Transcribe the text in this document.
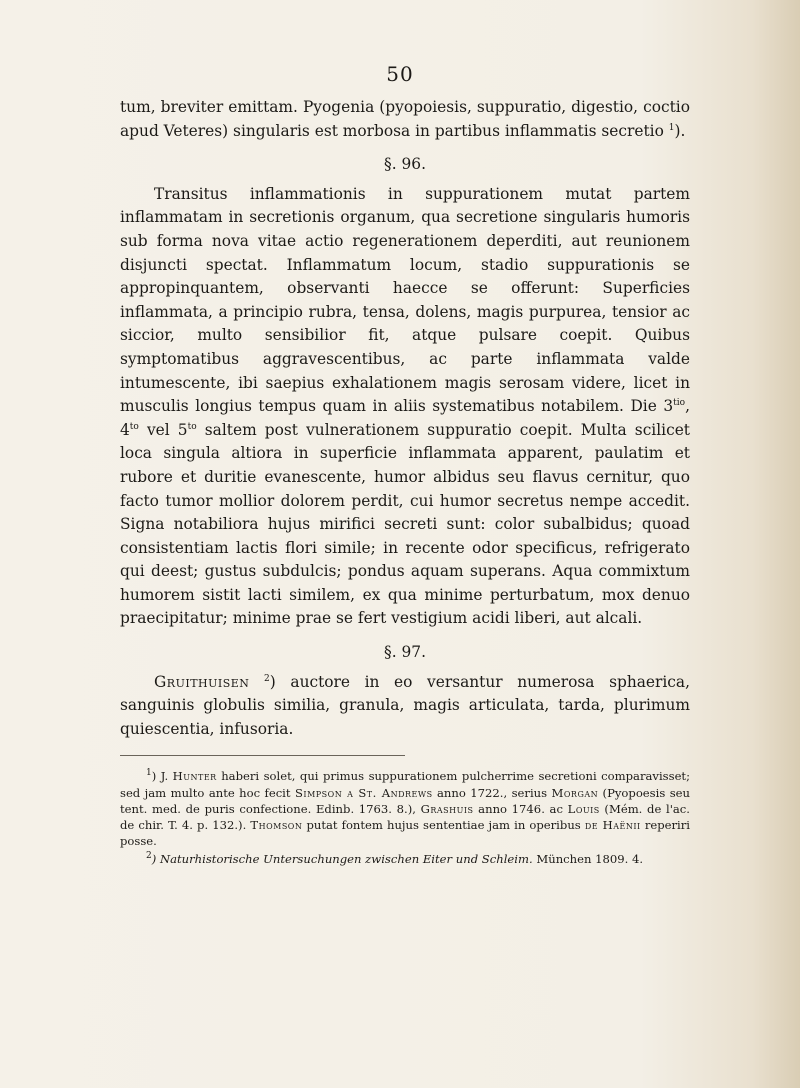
50

tum, breviter emittam. Pyogenia (pyopoiesis, suppuratio, digestio, coctio apud Veteres) singularis est morbosa in partibus inflammatis secretio $^1$).

§. 96.

Transitus inflammationis in suppurationem mutat partem inflammatam in secretionis organum, qua secretione singularis humoris sub forma nova vitae actio regenerationem deperditi, aut reunionem disjuncti spectat. Inflammatum locum, stadio suppurationis se appropinquantem, observanti haecce se offerunt: Superficies inflammata, a principio rubra, tensa, dolens, magis purpurea, tensior ac siccior, multo sensibilior fit, atque pulsare coepit. Quibus symptomatibus aggravescentibus, ac parte inflammata valde intumescente, ibi saepius exhalationem magis serosam videre, licet in musculis longius tempus quam in aliis systematibus notabilem. Die $3^{tio}$, $4^{to}$ vel $5^{to}$ saltem post vulnerationem suppuratio coepit. Multa scilicet loca singula altiora in superficie inflammata apparent, paulatim et rubore et duritie evanescente, humor albidus seu flavus cernitur, quo facto tumor mollior dolorem perdit, cui humor secretus nempe accedit. Signa notabiliora hujus mirifici secreti sunt: color subalbidus; quoad consistentiam lactis flori simile; in recente odor specificus, refrigerato qui deest; gustus subdulcis; pondus aquam superans. Aqua commixtum humorem sistit lacti similem, ex qua minime perturbatum, mox denuo praecipitatur; minime prae se fert vestigium acidi liberi, aut alcali.

§. 97.

Gruithuisen $^2$) auctore in eo versantur numerosa sphaerica, sanguinis globulis similia, granula, magis articulata, tarda, plurimum quiescentia, infusoria.

$^1$) J. Hunter haberi solet, qui primus suppurationem pulcherrime secretioni comparavisset; sed jam multo ante hoc fecit Simpson a St. Andrews anno 1722., serius Morgan (Pyopoesis seu tent. med. de puris confectione. Edinb. 1763. 8.), Grashuis anno 1746. ac Louis (Mém. de l'ac. de chir. T. 4. p. 132.). Thomson putat fontem hujus sententiae jam in operibus de Haënii reperiri posse.

$^2$) Naturhistorische Untersuchungen zwischen Eiter und Schleim. München 1809. 4.
